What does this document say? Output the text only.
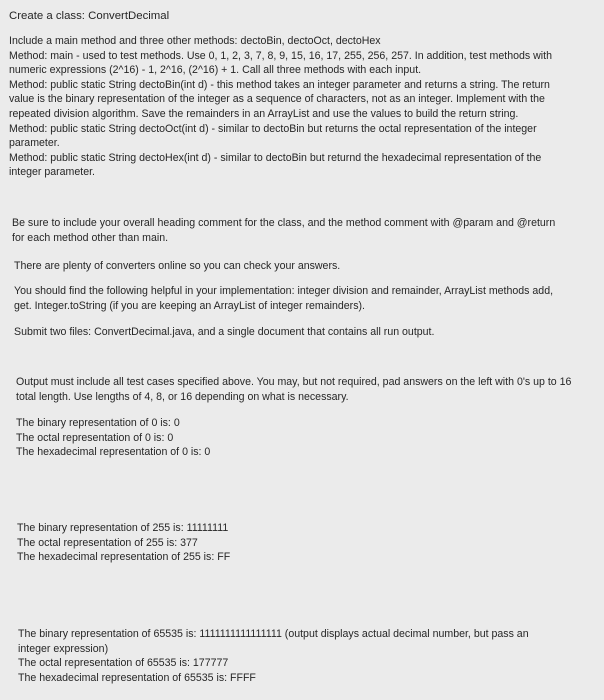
Create a class: ConvertDecimal
Include a main method and three other methods: dectoBin, dectoOct, dectoHex
Method: main - used to test methods. Use 0, 1, 2, 3, 7, 8, 9, 15, 16, 17, 255, 256, 257. In addition, test methods with
numeric expressions (2^16) - 1, 2^16, (2^16) + 1. Call all three methods with each input.
Method: public static String dectoBin(int d) - this method takes an integer parameter and returns a string. The return
value is the binary representation of the integer as a sequence of characters, not as an integer. Implement with the
repeated division algorithm. Save the remainders in an ArrayList and use the values to build the return string.
Method: public static String dectoOct(int d) - similar to dectoBin but returns the octal representation of the integer
parameter.
Method: public static String dectoHex(int d) - similar to dectoBin but returnd the hexadecimal representation of the
integer parameter.
Be sure to include your overall heading comment for the class, and the method comment with @param and @return
for each method other than main.
There are plenty of converters online so you can check your answers.
You should find the following helpful in your implementation: integer division and remainder, ArrayList methods add,
get. Integer.toString (if you are keeping an ArrayList of integer remainders).
Submit two files: ConvertDecimal.java, and a single document that contains all run output.
Output must include all test cases specified above. You may, but not required, pad answers on the left with 0's up to 16
total length. Use lengths of 4, 8, or 16 depending on what is necessary.
The binary representation of 0 is: 0
The octal representation of 0 is: 0
The hexadecimal representation of 0 is: 0
The binary representation of 255 is: 11111111
The octal representation of 255 is: 377
The hexadecimal representation of 255 is: FF
The binary representation of 65535 is: 1111111111111111 (output displays actual decimal number, but pass an
integer expression)
The octal representation of 65535 is: 177777
The hexadecimal representation of 65535 is: FFFF
